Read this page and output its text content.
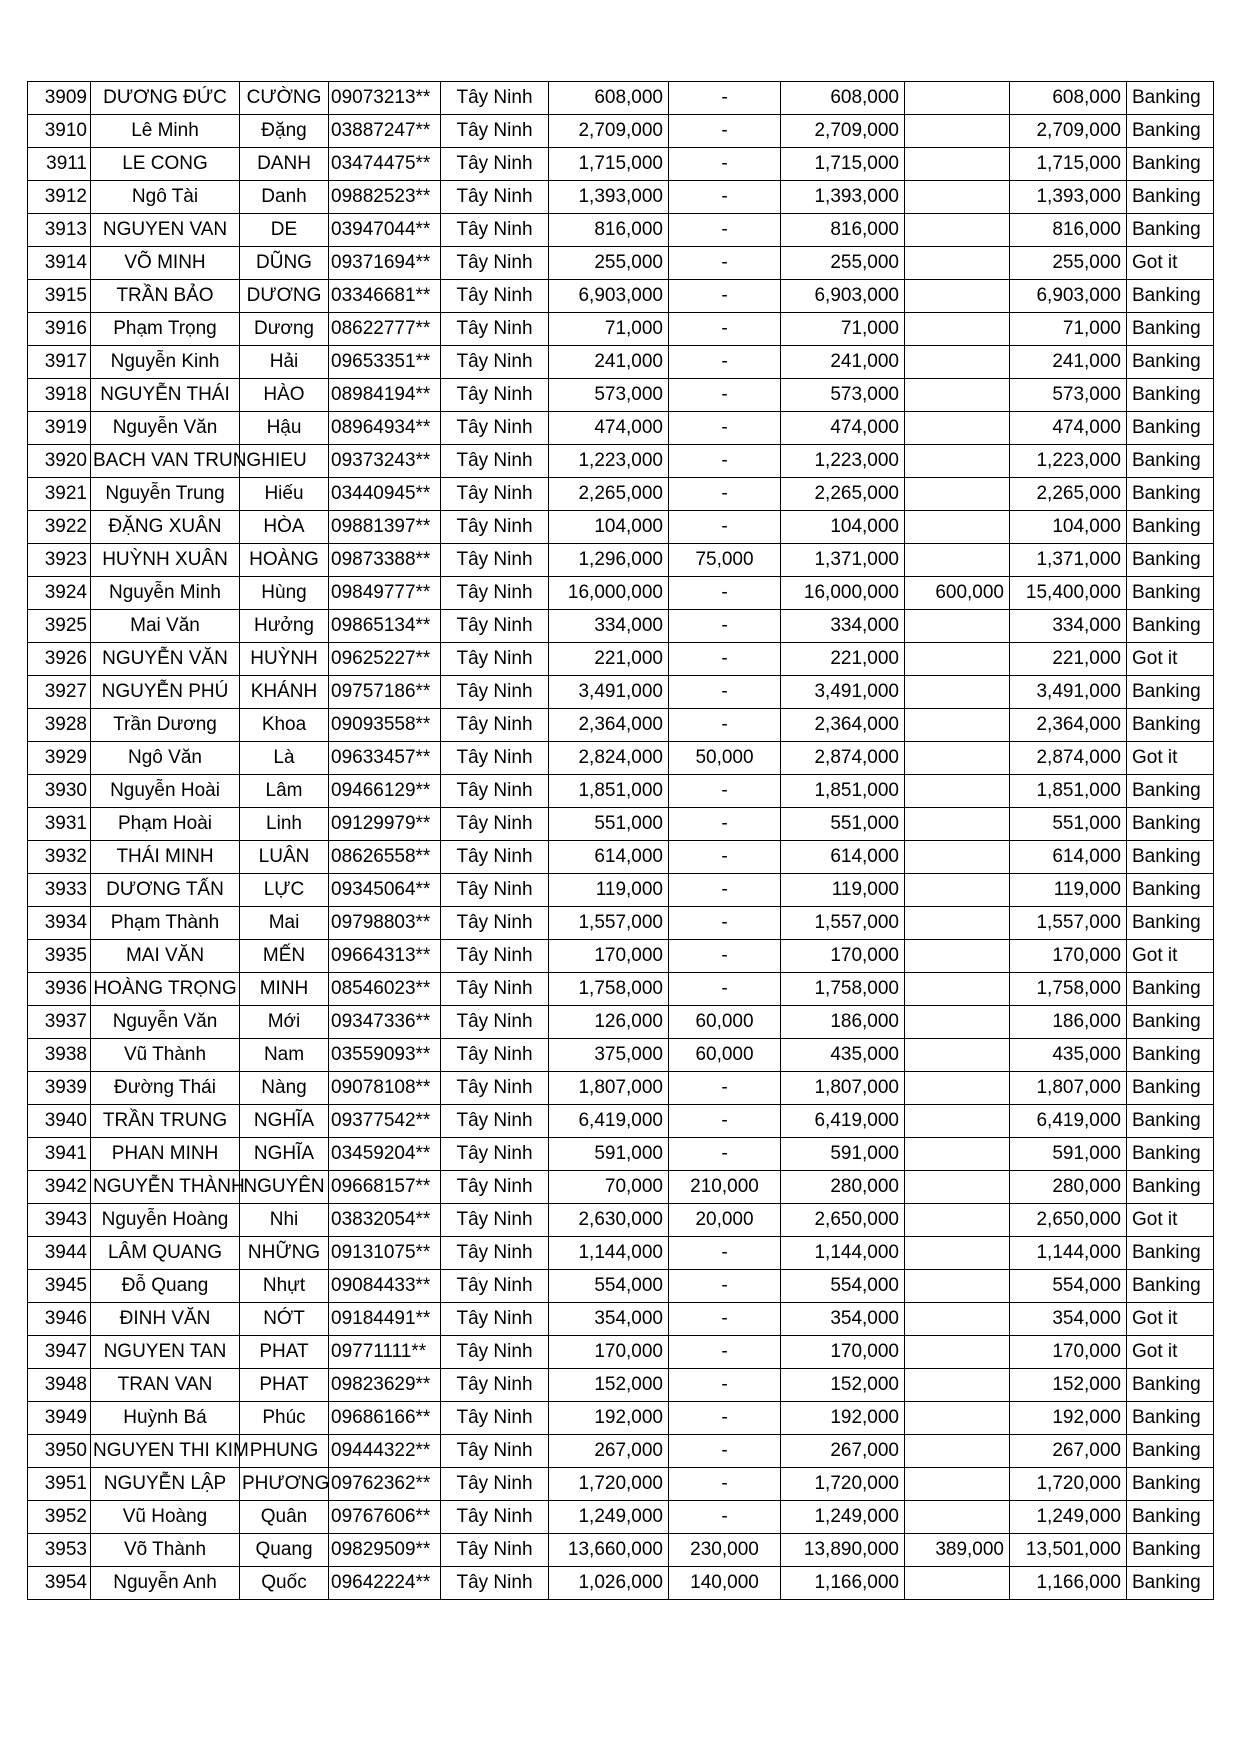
3909	DƯƠNG ĐỨC	CƯỜNG	09073213**	Tây Ninh	608,000	-	608,000		608,000	Banking
3910	Lê Minh	Đặng	03887247**	Tây Ninh	2,709,000	-	2,709,000		2,709,000	Banking
3911	LE CONG	DANH	03474475**	Tây Ninh	1,715,000	-	1,715,000		1,715,000	Banking
3912	Ngô Tài	Danh	09882523**	Tây Ninh	1,393,000	-	1,393,000		1,393,000	Banking
3913	NGUYEN VAN	DE	03947044**	Tây Ninh	816,000	-	816,000		816,000	Banking
3914	VÕ MINH	DŨNG	09371694**	Tây Ninh	255,000	-	255,000		255,000	Got it
3915	TRẦN BẢO	DƯƠNG	03346681**	Tây Ninh	6,903,000	-	6,903,000		6,903,000	Banking
3916	Phạm Trọng	Dương	08622777**	Tây Ninh	71,000	-	71,000		71,000	Banking
3917	Nguyễn Kinh	Hải	09653351**	Tây Ninh	241,000	-	241,000		241,000	Banking
3918	NGUYỄN THÁI	HÀO	08984194**	Tây Ninh	573,000	-	573,000		573,000	Banking
3919	Nguyễn Văn	Hậu	08964934**	Tây Ninh	474,000	-	474,000		474,000	Banking
3920	BACH VAN TRUNG	HIEU	09373243**	Tây Ninh	1,223,000	-	1,223,000		1,223,000	Banking
3921	Nguyễn Trung	Hiếu	03440945**	Tây Ninh	2,265,000	-	2,265,000		2,265,000	Banking
3922	ĐẶNG XUÂN	HÒA	09881397**	Tây Ninh	104,000	-	104,000		104,000	Banking
3923	HUỲNH XUÂN	HOÀNG	09873388**	Tây Ninh	1,296,000	75,000	1,371,000		1,371,000	Banking
3924	Nguyễn Minh	Hùng	09849777**	Tây Ninh	16,000,000	-	16,000,000	600,000	15,400,000	Banking
3925	Mai Văn	Hưởng	09865134**	Tây Ninh	334,000	-	334,000		334,000	Banking
3926	NGUYỄN VĂN	HUỲNH	09625227**	Tây Ninh	221,000	-	221,000		221,000	Got it
3927	NGUYỄN PHÚ	KHÁNH	09757186**	Tây Ninh	3,491,000	-	3,491,000		3,491,000	Banking
3928	Trần Dương	Khoa	09093558**	Tây Ninh	2,364,000	-	2,364,000		2,364,000	Banking
3929	Ngô Văn	Là	09633457**	Tây Ninh	2,824,000	50,000	2,874,000		2,874,000	Got it
3930	Nguyễn Hoài	Lâm	09466129**	Tây Ninh	1,851,000	-	1,851,000		1,851,000	Banking
3931	Phạm Hoài	Linh	09129979**	Tây Ninh	551,000	-	551,000		551,000	Banking
3932	THÁI MINH	LUÂN	08626558**	Tây Ninh	614,000	-	614,000		614,000	Banking
3933	DƯƠNG TẤN	LỰC	09345064**	Tây Ninh	119,000	-	119,000		119,000	Banking
3934	Phạm Thành	Mai	09798803**	Tây Ninh	1,557,000	-	1,557,000		1,557,000	Banking
3935	MAI VĂN	MẾN	09664313**	Tây Ninh	170,000	-	170,000		170,000	Got it
3936	HOÀNG TRỌNG	MINH	08546023**	Tây Ninh	1,758,000	-	1,758,000		1,758,000	Banking
3937	Nguyễn Văn	Mới	09347336**	Tây Ninh	126,000	60,000	186,000		186,000	Banking
3938	Vũ Thành	Nam	03559093**	Tây Ninh	375,000	60,000	435,000		435,000	Banking
3939	Đường Thái	Nàng	09078108**	Tây Ninh	1,807,000	-	1,807,000		1,807,000	Banking
3940	TRẦN TRUNG	NGHĨA	09377542**	Tây Ninh	6,419,000	-	6,419,000		6,419,000	Banking
3941	PHAN MINH	NGHĨA	03459204**	Tây Ninh	591,000	-	591,000		591,000	Banking
3942	NGUYỄN THÀNH	NGUYÊN	09668157**	Tây Ninh	70,000	210,000	280,000		280,000	Banking
3943	Nguyễn Hoàng	Nhi	03832054**	Tây Ninh	2,630,000	20,000	2,650,000		2,650,000	Got it
3944	LÂM QUANG	NHỮNG	09131075**	Tây Ninh	1,144,000	-	1,144,000		1,144,000	Banking
3945	Đỗ Quang	Nhựt	09084433**	Tây Ninh	554,000	-	554,000		554,000	Banking
3946	ĐINH VĂN	NỚT	09184491**	Tây Ninh	354,000	-	354,000		354,000	Got it
3947	NGUYEN TAN	PHAT	09771111**	Tây Ninh	170,000	-	170,000		170,000	Got it
3948	TRAN VAN	PHAT	09823629**	Tây Ninh	152,000	-	152,000		152,000	Banking
3949	Huỳnh Bá	Phúc	09686166**	Tây Ninh	192,000	-	192,000		192,000	Banking
3950	NGUYEN THI KIM	PHUNG	09444322**	Tây Ninh	267,000	-	267,000		267,000	Banking
3951	NGUYỄN LẬP	PHƯƠNG	09762362**	Tây Ninh	1,720,000	-	1,720,000		1,720,000	Banking
3952	Vũ Hoàng	Quân	09767606**	Tây Ninh	1,249,000	-	1,249,000		1,249,000	Banking
3953	Võ Thành	Quang	09829509**	Tây Ninh	13,660,000	230,000	13,890,000	389,000	13,501,000	Banking
3954	Nguyễn Anh	Quốc	09642224**	Tây Ninh	1,026,000	140,000	1,166,000		1,166,000	Banking
